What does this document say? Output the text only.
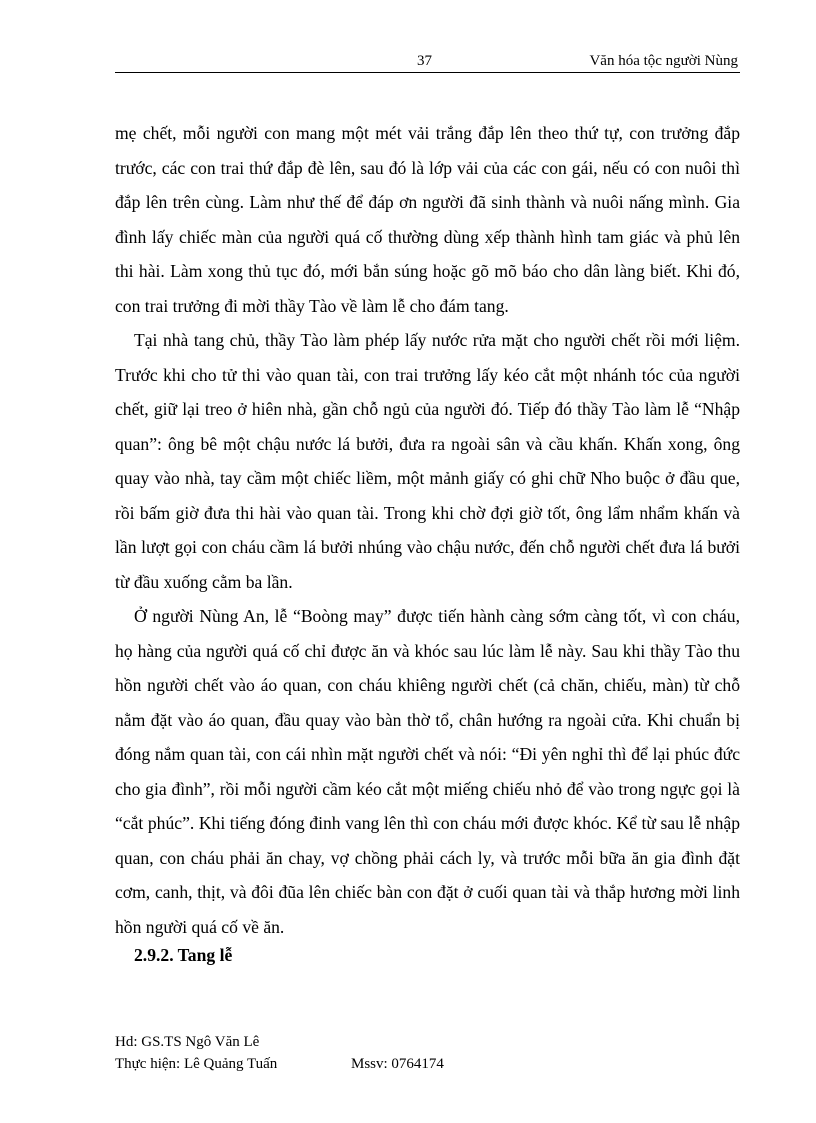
37	Văn hóa tộc người Nùng

mẹ chết, mỗi người con mang một mét vải trắng đắp lên theo thứ tự, con trưởng đắp trước, các con trai thứ đắp đè lên, sau đó là lớp vải của các con gái, nếu có con nuôi thì đắp lên trên cùng. Làm như thế để đáp ơn người đã sinh thành và nuôi nấng mình. Gia đình lấy chiếc màn của người quá cố thường dùng xếp thành hình tam giác và phủ lên thi hài. Làm xong thủ tục đó, mới bắn súng hoặc gõ mõ báo cho dân làng biết. Khi đó, con trai trưởng đi mời thầy Tào về làm lễ cho đám tang.

Tại nhà tang chủ, thầy Tào làm phép lấy nước rửa mặt cho người chết rồi mới liệm. Trước khi cho tử thi vào quan tài, con trai trưởng lấy kéo cắt một nhánh tóc của người chết, giữ lại treo ở hiên nhà, gần chỗ ngủ của người đó. Tiếp đó thầy Tào làm lễ “Nhập quan”: ông bê một chậu nước lá bưởi, đưa ra ngoài sân và cầu khấn. Khấn xong, ông quay vào nhà, tay cầm một chiếc liềm, một mảnh giấy có ghi chữ Nho buộc ở đầu que, rồi bấm giờ đưa thi hài vào quan tài. Trong khi chờ đợi giờ tốt, ông lẩm nhẩm khấn và lần lượt gọi con cháu cầm lá bưởi nhúng vào chậu nước, đến chỗ người chết đưa lá bưởi từ đầu xuống cằm ba lần.

Ở người Nùng An, lễ “Boòng may” được tiến hành càng sớm càng tốt, vì con cháu, họ hàng của người quá cố chỉ được ăn và khóc sau lúc làm lễ này. Sau khi thầy Tào thu hồn người chết vào áo quan, con cháu khiêng người chết (cả chăn, chiếu, màn) từ chỗ nằm đặt vào áo quan, đầu quay vào bàn thờ tổ, chân hướng ra ngoài cửa. Khi chuẩn bị đóng nắm quan tài, con cái nhìn mặt người chết và nói: “Đi yên nghỉ thì để lại phúc đức cho gia đình”, rồi mỗi người cầm kéo cắt một miếng chiếu nhỏ để vào trong ngực gọi là “cắt phúc”. Khi tiếng đóng đinh vang lên thì con cháu mới được khóc. Kể từ sau lễ nhập quan, con cháu phải ăn chay, vợ chồng phải cách ly, và trước mỗi bữa ăn gia đình đặt cơm, canh, thịt, và đôi đũa lên chiếc bàn con đặt ở cuối quan tài và thắp hương mời linh hồn người quá cố về ăn.

2.9.2. Tang lễ
Hd: GS.TS Ngô Văn Lê
Thực hiện: Lê Quảng Tuấn	Mssv: 0764174
